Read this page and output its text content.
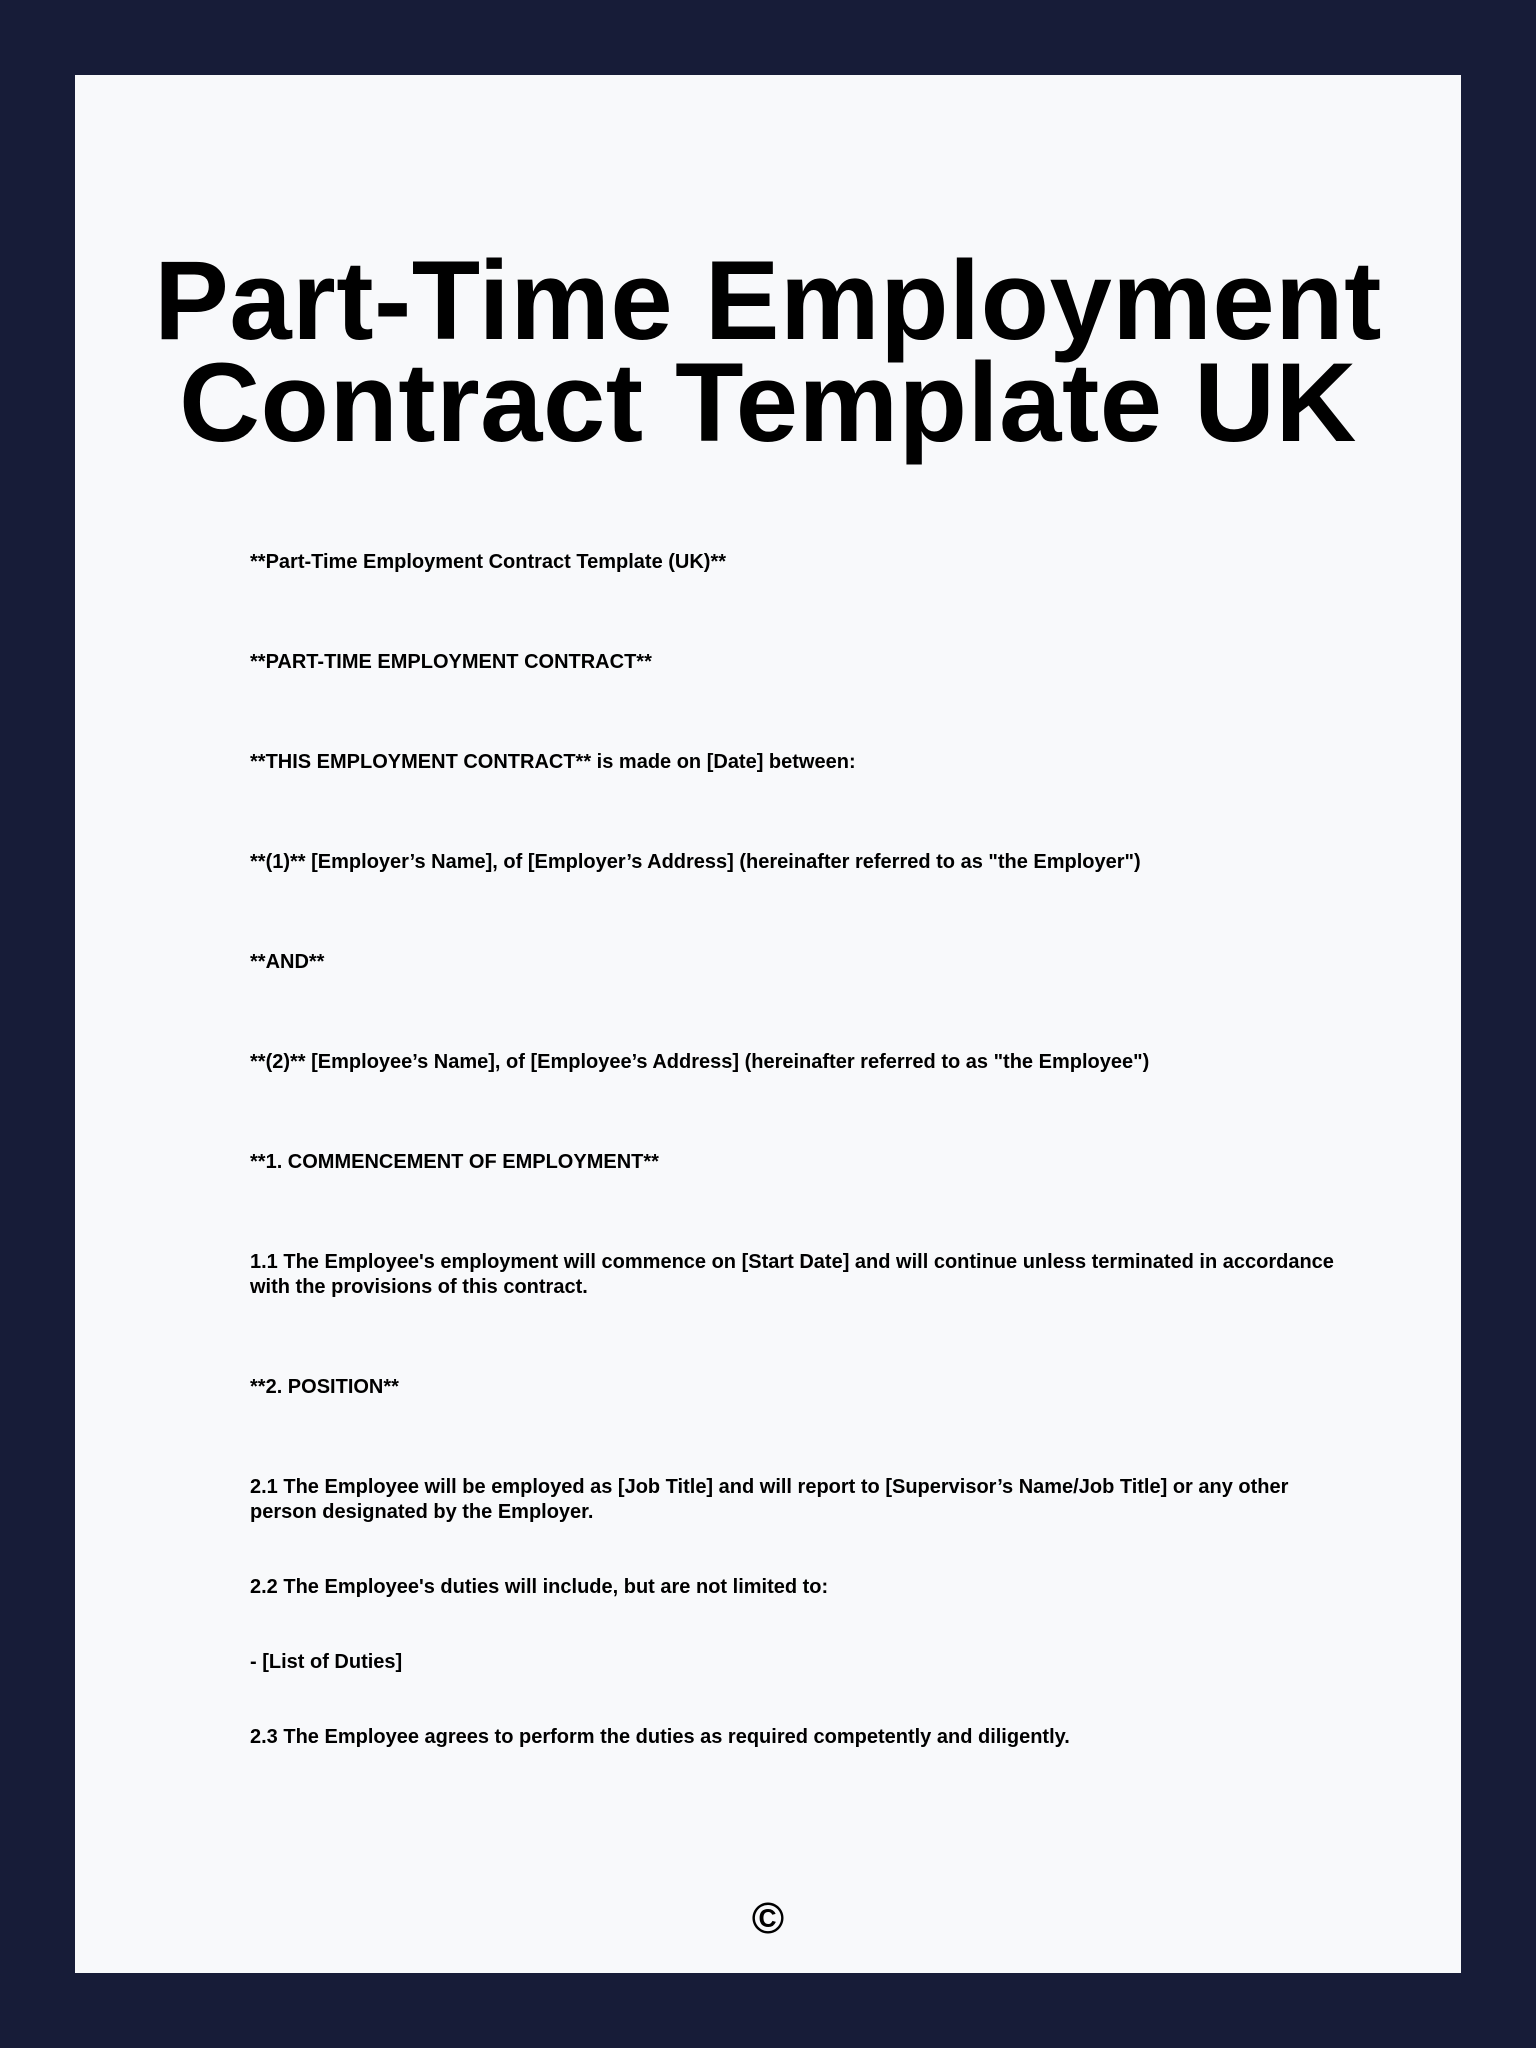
Part-Time Employment
Contract Template UK

**Part-Time Employment Contract Template (UK)**

**PART-TIME EMPLOYMENT CONTRACT**

**THIS EMPLOYMENT CONTRACT** is made on [Date] between:

**(1)** [Employer’s Name], of [Employer’s Address] (hereinafter referred to as "the Employer")

**AND**

**(2)** [Employee’s Name], of [Employee’s Address] (hereinafter referred to as "the Employee")

**1. COMMENCEMENT OF EMPLOYMENT**

1.1 The Employee's employment will commence on [Start Date] and will continue unless terminated in accordance with the provisions of this contract.

**2. POSITION**

2.1 The Employee will be employed as [Job Title] and will report to [Supervisor’s Name/Job Title] or any other person designated by the Employer.

2.2 The Employee's duties will include, but are not limited to:

- [List of Duties]

2.3 The Employee agrees to perform the duties as required competently and diligently.

©
